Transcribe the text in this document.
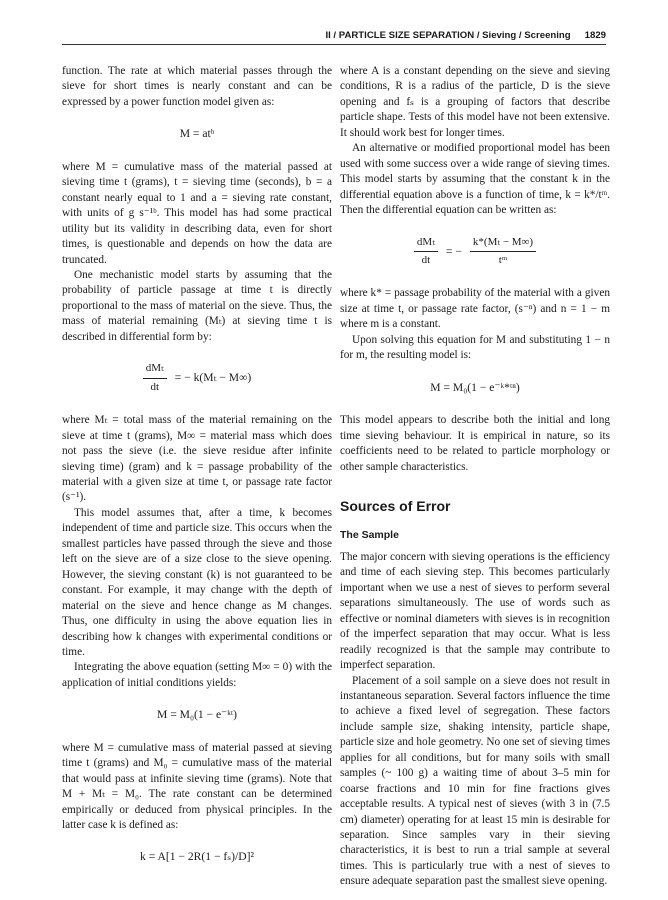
II / PARTICLE SIZE SEPARATION / Sieving / Screening 1829

function. The rate at which material passes through the sieve for short times is nearly constant and can be expressed by a power function model given as:

M = atᵇ

where M = cumulative mass of the material passed at sieving time t (grams), t = sieving time (seconds), b = a constant nearly equal to 1 and a = sieving rate constant, with units of g s⁻¹ᵇ. This model has had some practical utility but its validity in describing data, even for short times, is questionable and depends on how the data are truncated.

One mechanistic model starts by assuming that the probability of particle passage at time t is directly proportional to the mass of material on the sieve. Thus, the mass of material remaining (Mₜ) at sieving time t is described in differential form by:

$\frac{\text{dMₜ}}{dt}$ = − k(Mₜ − M∞)

where Mₜ = total mass of the material remaining on the sieve at time t (grams), M∞ = material mass which does not pass the sieve (i.e. the sieve residue after infinite sieving time) (gram) and k = passage probability of the material with a given size at time t, or passage rate factor (s⁻¹).

This model assumes that, after a time, k becomes independent of time and particle size. This occurs when the smallest particles have passed through the sieve and those left on the sieve are of a size close to the sieve opening. However, the sieving constant (k) is not guaranteed to be constant. For example, it may change with the depth of material on the sieve and hence change as M changes. Thus, one difficulty in using the above equation lies in describing how k changes with experimental conditions or time.

Integrating the above equation (setting M∞ = 0) with the application of initial conditions yields:

M = M₀(1 − e⁻ᵏᵗ)

where M = cumulative mass of material passed at sieving time t (grams) and M₀ = cumulative mass of the material that would pass at infinite sieving time (grams). Note that M + Mₜ = M₀. The rate constant can be determined empirically or deduced from physical principles. In the latter case k is defined as:

k = A[1 − 2R(1 − fₛ)/D]²

where A is a constant depending on the sieve and sieving conditions, R is a radius of the particle, D is the sieve opening and fₛ is a grouping of factors that describe particle shape. Tests of this model have not been extensive. It should work best for longer times.

An alternative or modified proportional model has been used with some success over a wide range of sieving times. This model starts by assuming that the constant k in the differential equation above is a function of time, k = k*/tᵐ. Then the differential equation can be written as:

$\frac{\text{dMₜ}}{dt}$ = − $\frac{\text{k*(Mₜ − M∞)}}{\text{tᵐ}}$

where k* = passage probability of the material with a given size at time t, or passage rate factor, (s⁻ⁿ) and n = 1 − m where m is a constant.

Upon solving this equation for M and substituting 1 − n for m, the resulting model is:

M = M₀(1 − e⁻ᵏ*ᵗⁿ)

This model appears to describe both the initial and long time sieving behaviour. It is empirical in nature, so its coefficients need to be related to particle morphology or other sample characteristics.

Sources of Error
The Sample

The major concern with sieving operations is the efficiency and time of each sieving step. This becomes particularly important when we use a nest of sieves to perform several separations simultaneously. The use of words such as effective or nominal diameters with sieves is in recognition of the imperfect separation that may occur. What is less readily recognized is that the sample may contribute to imperfect separation.

Placement of a soil sample on a sieve does not result in instantaneous separation. Several factors influence the time to achieve a fixed level of segregation. These factors include sample size, shaking intensity, particle shape, particle size and hole geometry. No one set of sieving times applies for all conditions, but for many soils with small samples (~ 100 g) a waiting time of about 3–5 min for coarse fractions and 10 min for fine fractions gives acceptable results. A typical nest of sieves (with 3 in (7.5 cm) diameter) operating for at least 15 min is desirable for separation. Since samples vary in their sieving characteristics, it is best to run a trial sample at several times. This is particularly true with a nest of sieves to ensure adequate separation past the smallest sieve opening.
